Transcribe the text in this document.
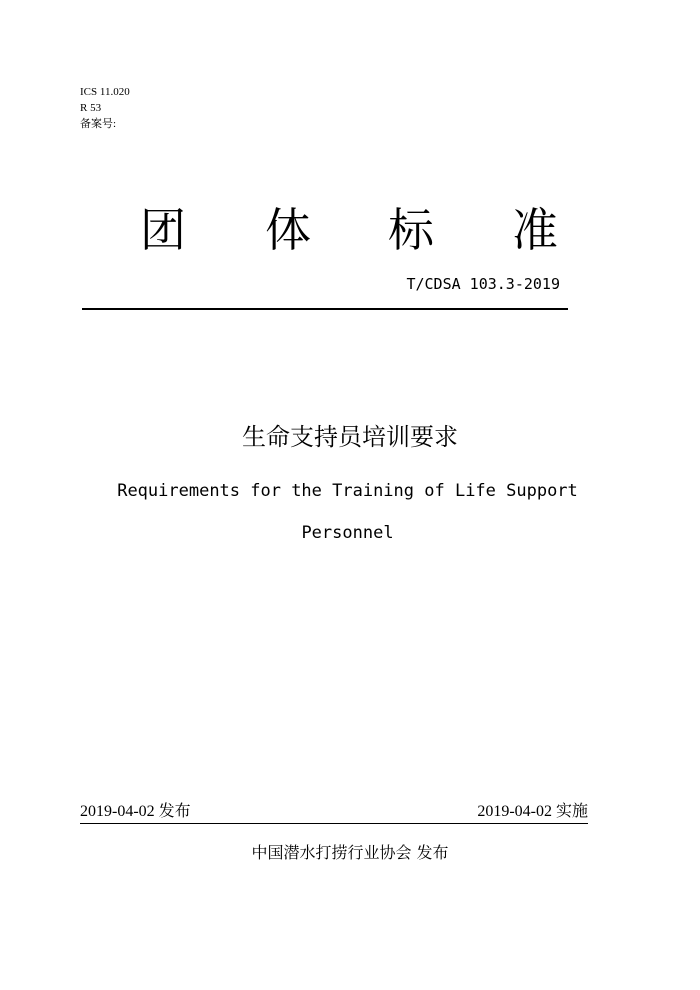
ICS 11.020
R 53
备案号:
团 体 标 准
T/CDSA 103.3-2019
生命支持员培训要求
Requirements for the Training of Life Support Personnel
2019-04-02 发布	2019-04-02 实施
中国潜水打捞行业协会 发布
